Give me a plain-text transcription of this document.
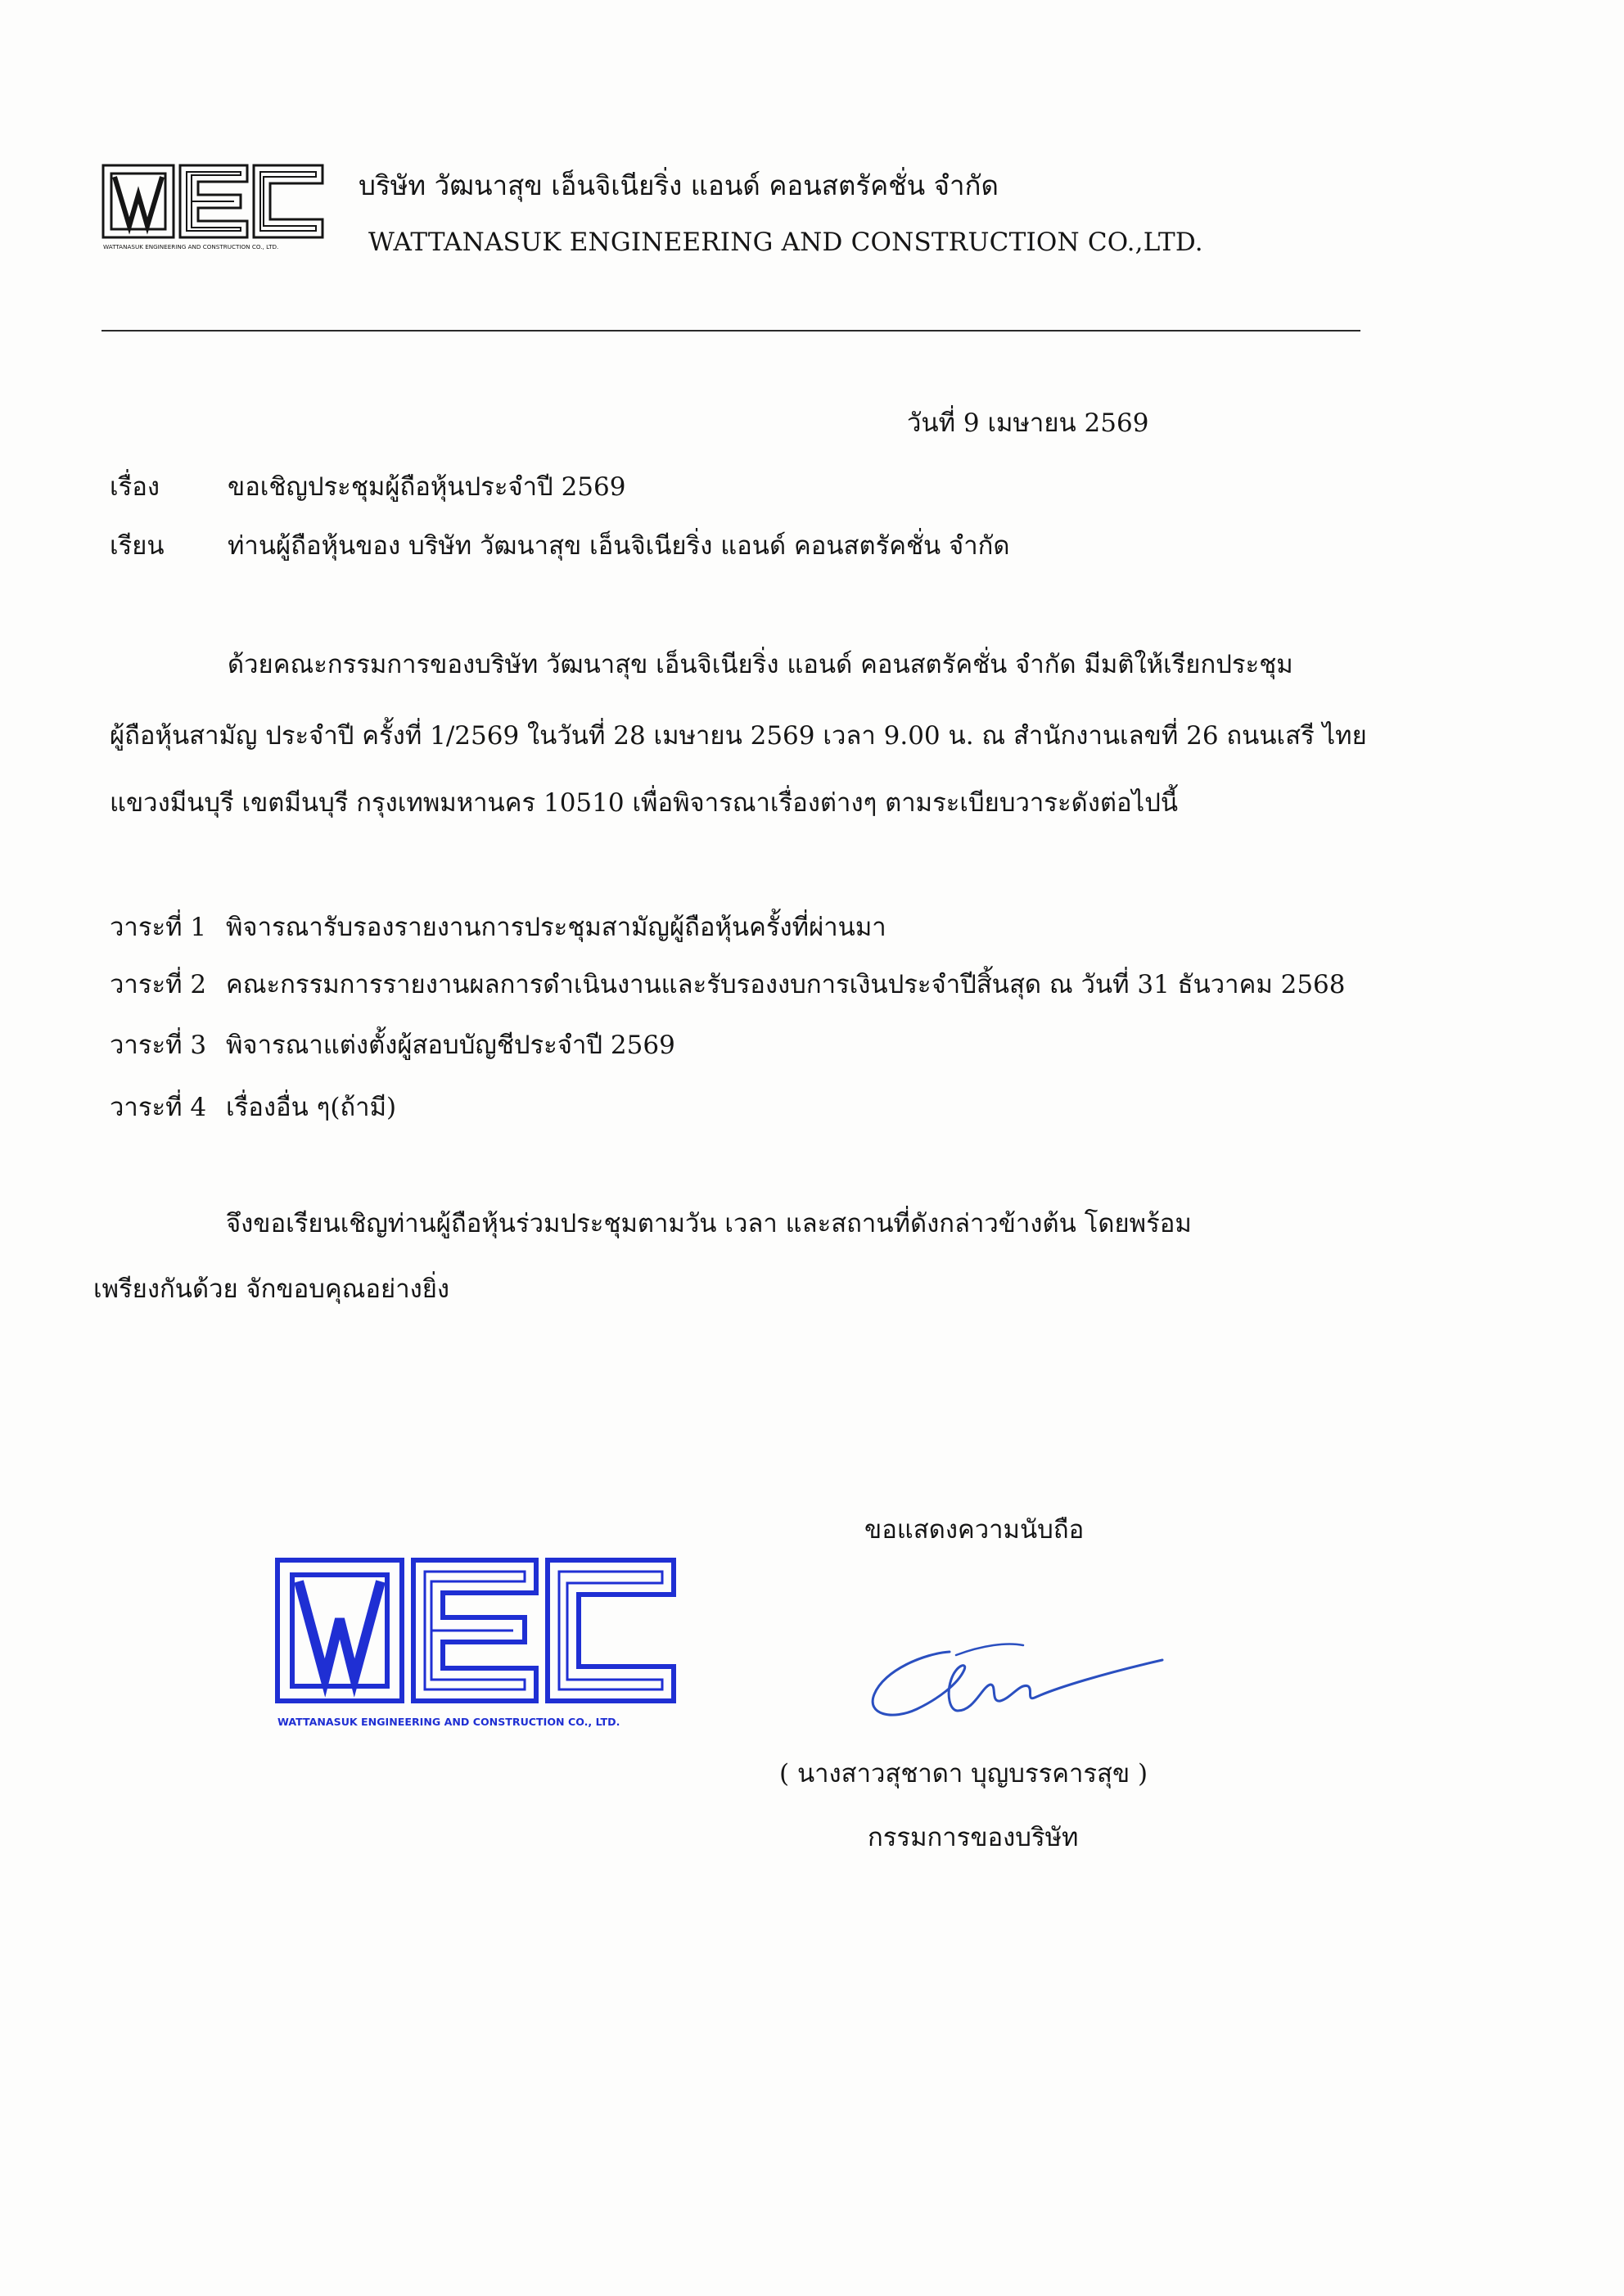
WATTANASUK ENGINEERING AND CONSTRUCTION CO., LTD.
บริษัท วัฒนาสุข เอ็นจิเนียริ่ง แอนด์ คอนสตรัคชั่น จำกัด
WATTANASUK ENGINEERING AND CONSTRUCTION CO.,LTD.
วันที่ 9 เมษายน 2569
เรื่อง	ขอเชิญประชุมผู้ถือหุ้นประจำปี 2569
เรียน ท่านผู้ถือหุ้นของ บริษัท วัฒนาสุข เอ็นจิเนียริ่ง แอนด์ คอนสตรัคชั่น จำกัด
ด้วยคณะกรรมการของบริษัท วัฒนาสุข เอ็นจิเนียริ่ง แอนด์ คอนสตรัคชั่น จำกัด มีมติให้เรียกประชุม
ผู้ถือหุ้นสามัญ ประจำปี ครั้งที่ 1/2569 ในวันที่ 28 เมษายน 2569 เวลา 9.00 น. ณ สำนักงานเลขที่ 26 ถนนเสรี ไทย
แขวงมีนบุรี เขตมีนบุรี กรุงเทพมหานคร 10510 เพื่อพิจารณาเรื่องต่างๆ ตามระเบียบวาระดังต่อไปนี้
วาระที่ 1 พิจารณารับรองรายงานการประชุมสามัญผู้ถือหุ้นครั้งที่ผ่านมา
วาระที่ 2 คณะกรรมการรายงานผลการดำเนินงานและรับรองงบการเงินประจำปีสิ้นสุด ณ วันที่ 31 ธันวาคม 2568
วาระที่ 3 พิจารณาแต่งตั้งผู้สอบบัญชีประจำปี 2569
วาระที่ 4 เรื่องอื่น ๆ(ถ้ามี)
จึงขอเรียนเชิญท่านผู้ถือหุ้นร่วมประชุมตามวัน เวลา และสถานที่ดังกล่าวข้างต้น โดยพร้อม
เพรียงกันด้วย จักขอบคุณอย่างยิ่ง
ขอแสดงความนับถือ
WATTANASUK ENGINEERING AND CONSTRUCTION CO., LTD.
( นางสาวสุชาดา บุญบรรคารสุข )
กรรมการของบริษัท
